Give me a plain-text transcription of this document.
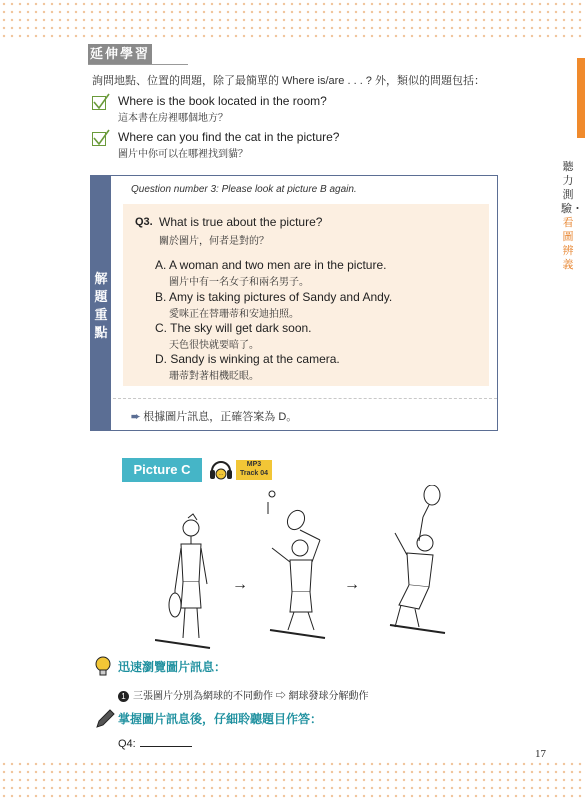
聽力測驗・看圖辨義
延伸學習
詢問地點、位置的問題，除了最簡單的 Where is/are . . . ? 外，類似的問題包括：
Where is the book located in the room?
這本書在房裡哪個地方？
Where can you find the cat in the picture?
圖片中你可以在哪裡找到貓？
解
題
重
點
Question number 3: Please look at picture B again.
Q3. What is true about the picture?
關於圖片，何者是對的？
A. A woman and two men are in the picture.
圖片中有一名女子和兩名男子。
B. Amy is taking pictures of Sandy and Andy.
愛咪正在替珊蒂和安迪拍照。
C. The sky will get dark soon.
天色很快就要暗了。
D. Sandy is winking at the camera.
珊蒂對著相機眨眼。
➨ 根據圖片訊息，正確答案為 D。
Picture C	···
MP3
Track 04
→	→
迅速瀏覽圖片訊息：
1 三張圖片分別為網球的不同動作 ⇨ 網球發球分解動作
掌握圖片訊息後，仔細聆聽題目作答：
Q4:
17
